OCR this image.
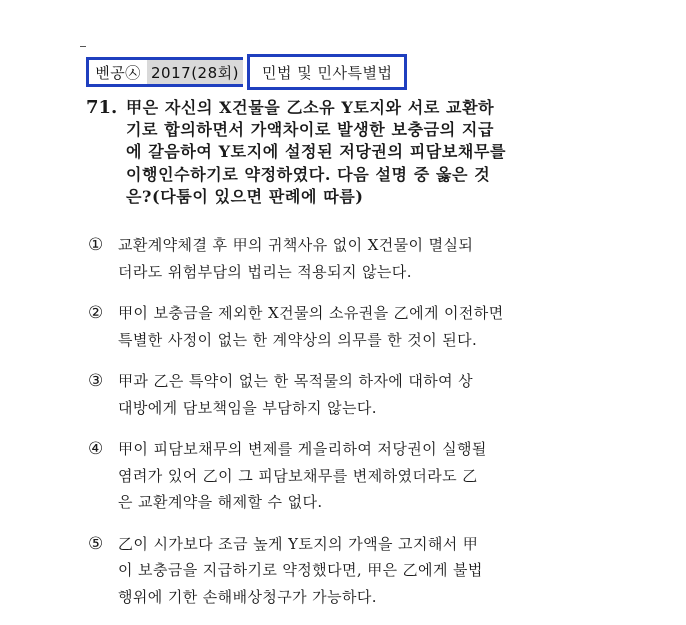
벤공㉦ 2017(28회)	민법 및 민사특별법
71. 甲은 자신의 X건물을 乙소유 Y토지와 서로 교환하
기로 합의하면서 가액차이로 발생한 보충금의 지급
에 갈음하여 Y토지에 설정된 저당권의 피담보채무를
이행인수하기로 약정하였다. 다음 설명 중 옳은 것
은?(다툼이 있으면 판례에 따름)
① 교환계약체결 후 甲의 귀책사유 없이 X건물이 멸실되
더라도 위험부담의 법리는 적용되지 않는다.
② 甲이 보충금을 제외한 X건물의 소유권을 乙에게 이전하면
특별한 사정이 없는 한 계약상의 의무를 한 것이 된다.
③ 甲과 乙은 특약이 없는 한 목적물의 하자에 대하여 상
대방에게 담보책임을 부담하지 않는다.
④ 甲이 피담보채무의 변제를 게을리하여 저당권이 실행될
염려가 있어 乙이 그 피담보채무를 변제하였더라도 乙
은 교환계약을 해제할 수 없다.
⑤ 乙이 시가보다 조금 높게 Y토지의 가액을 고지해서 甲
이 보충금을 지급하기로 약정했다면, 甲은 乙에게 불법
행위에 기한 손해배상청구가 가능하다.
